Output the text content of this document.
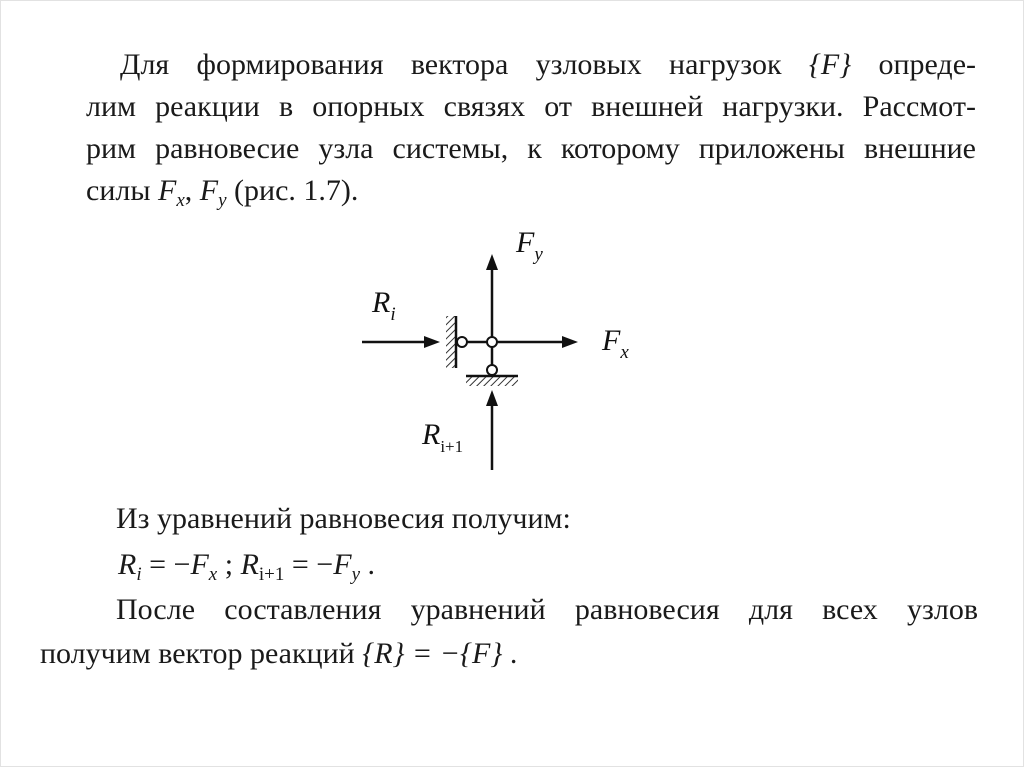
Для формирования вектора узловых нагрузок {F} опреде-
лим реакции в опорных связях от внешней нагрузки. Рассмот-
рим равновесие узла системы, к которому приложены внешние
силы $F_x$, $F_y$ (рис. 1.7).
$F_y$
$F_x$
$R_i$
$R_{i+1}$
Из уравнений равновесия получим:
$R_i = -F_x$ ; $R_{i+1} = -F_y$ .
После составления уравнений равновесия для всех узлов
получим вектор реакций {R} = −{F} .
